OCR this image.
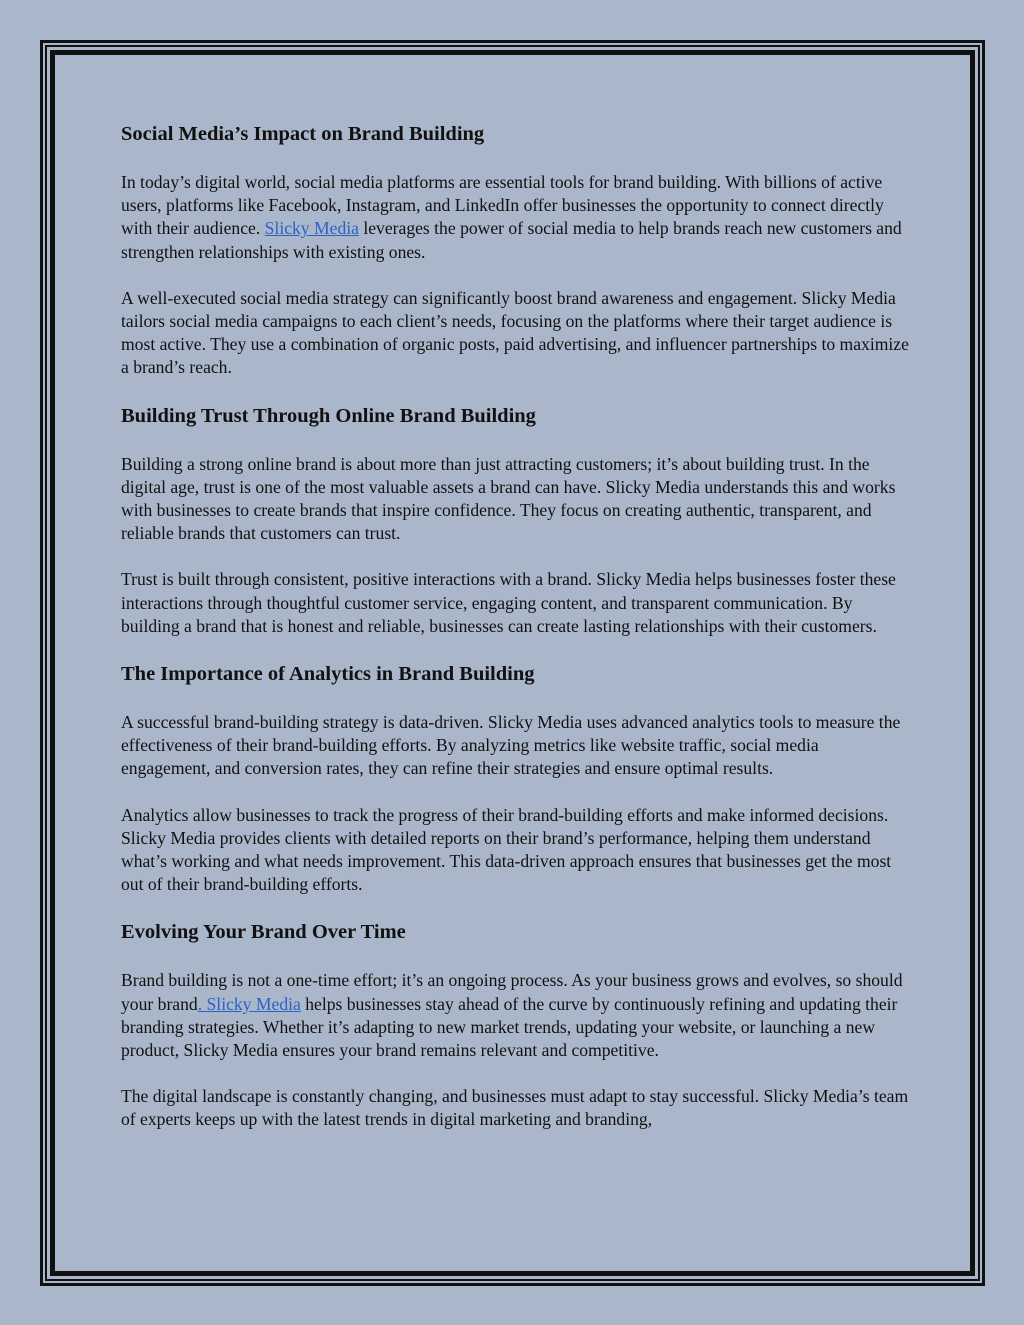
Social Media’s Impact on Brand Building

In today’s digital world, social media platforms are essential tools for brand building. With billions of active users, platforms like Facebook, Instagram, and LinkedIn offer businesses the opportunity to connect directly with their audience. Slicky Media leverages the power of social media to help brands reach new customers and strengthen relationships with existing ones.

A well-executed social media strategy can significantly boost brand awareness and engagement. Slicky Media tailors social media campaigns to each client’s needs, focusing on the platforms where their target audience is most active. They use a combination of organic posts, paid advertising, and influencer partnerships to maximize a brand’s reach.

Building Trust Through Online Brand Building

Building a strong online brand is about more than just attracting customers; it’s about building trust. In the digital age, trust is one of the most valuable assets a brand can have. Slicky Media understands this and works with businesses to create brands that inspire confidence. They focus on creating authentic, transparent, and reliable brands that customers can trust.

Trust is built through consistent, positive interactions with a brand. Slicky Media helps businesses foster these interactions through thoughtful customer service, engaging content, and transparent communication. By building a brand that is honest and reliable, businesses can create lasting relationships with their customers.

The Importance of Analytics in Brand Building

A successful brand-building strategy is data-driven. Slicky Media uses advanced analytics tools to measure the effectiveness of their brand-building efforts. By analyzing metrics like website traffic, social media engagement, and conversion rates, they can refine their strategies and ensure optimal results.

Analytics allow businesses to track the progress of their brand-building efforts and make informed decisions. Slicky Media provides clients with detailed reports on their brand’s performance, helping them understand what’s working and what needs improvement. This data-driven approach ensures that businesses get the most out of their brand-building efforts.

Evolving Your Brand Over Time

Brand building is not a one-time effort; it’s an ongoing process. As your business grows and evolves, so should your brand. Slicky Media helps businesses stay ahead of the curve by continuously refining and updating their branding strategies. Whether it’s adapting to new market trends, updating your website, or launching a new product, Slicky Media ensures your brand remains relevant and competitive.

The digital landscape is constantly changing, and businesses must adapt to stay successful. Slicky Media’s team of experts keeps up with the latest trends in digital marketing and branding,
